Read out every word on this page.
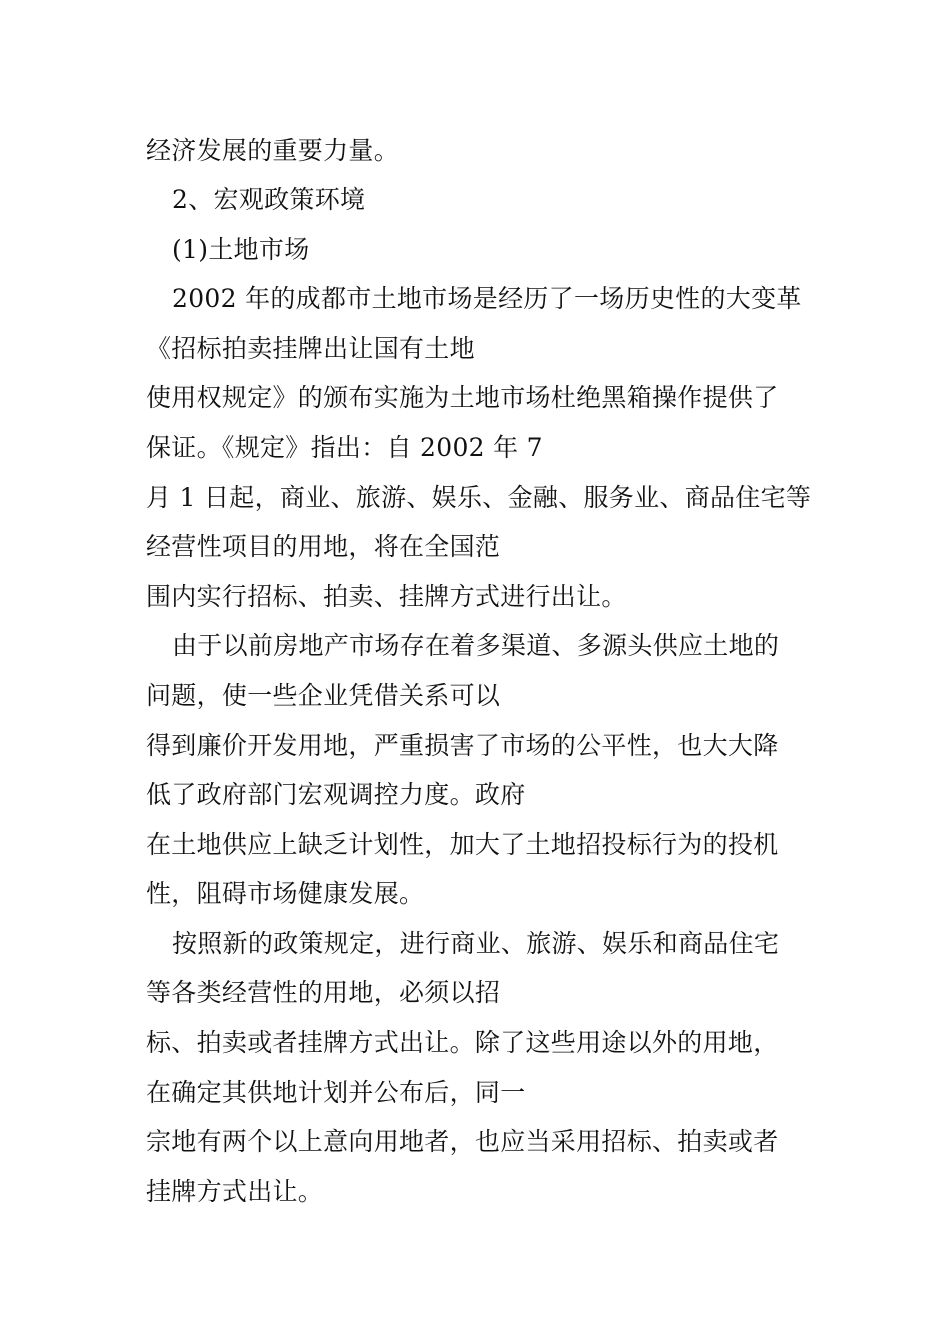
经济发展的重要力量。
2、宏观政策环境
(1)土地市场
2002 年的成都市土地市场是经历了一场历史性的大变革
《招标拍卖挂牌出让国有土地
使用权规定》的颁布实施为土地市场杜绝黑箱操作提供了
保证。《规定》指出：自 2002 年 7
月 1 日起，商业、旅游、娱乐、金融、服务业、商品住宅等
经营性项目的用地，将在全国范
围内实行招标、拍卖、挂牌方式进行出让。
由于以前房地产市场存在着多渠道、多源头供应土地的
问题，使一些企业凭借关系可以
得到廉价开发用地，严重损害了市场的公平性，也大大降
低了政府部门宏观调控力度。政府
在土地供应上缺乏计划性，加大了土地招投标行为的投机
性，阻碍市场健康发展。
按照新的政策规定，进行商业、旅游、娱乐和商品住宅
等各类经营性的用地，必须以招
标、拍卖或者挂牌方式出让。除了这些用途以外的用地，
在确定其供地计划并公布后，同一
宗地有两个以上意向用地者，也应当采用招标、拍卖或者
挂牌方式出让。
